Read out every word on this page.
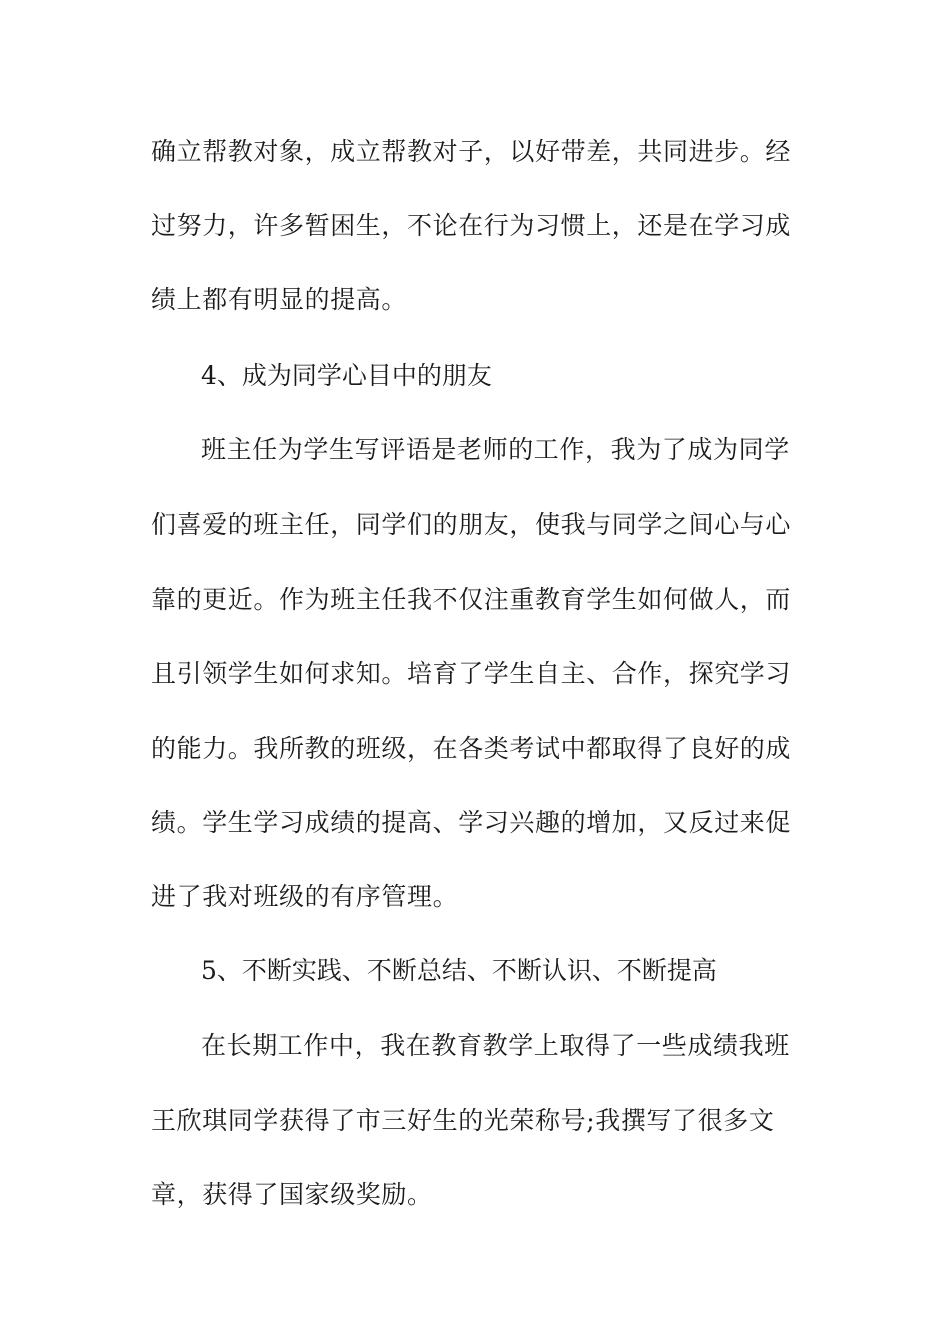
确立帮教对象，成立帮教对子，以好带差，共同进步。经
过努力，许多暂困生，不论在行为习惯上，还是在学习成
绩上都有明显的提高。
4、成为同学心目中的朋友
班主任为学生写评语是老师的工作，我为了成为同学
们喜爱的班主任，同学们的朋友，使我与同学之间心与心
靠的更近。作为班主任我不仅注重教育学生如何做人，而
且引领学生如何求知。培育了学生自主、合作，探究学习
的能力。我所教的班级，在各类考试中都取得了良好的成
绩。学生学习成绩的提高、学习兴趣的增加，又反过来促
进了我对班级的有序管理。
5、不断实践、不断总结、不断认识、不断提高
在长期工作中，我在教育教学上取得了一些成绩我班
王欣琪同学获得了市三好生的光荣称号;我撰写了很多文
章，获得了国家级奖励。
